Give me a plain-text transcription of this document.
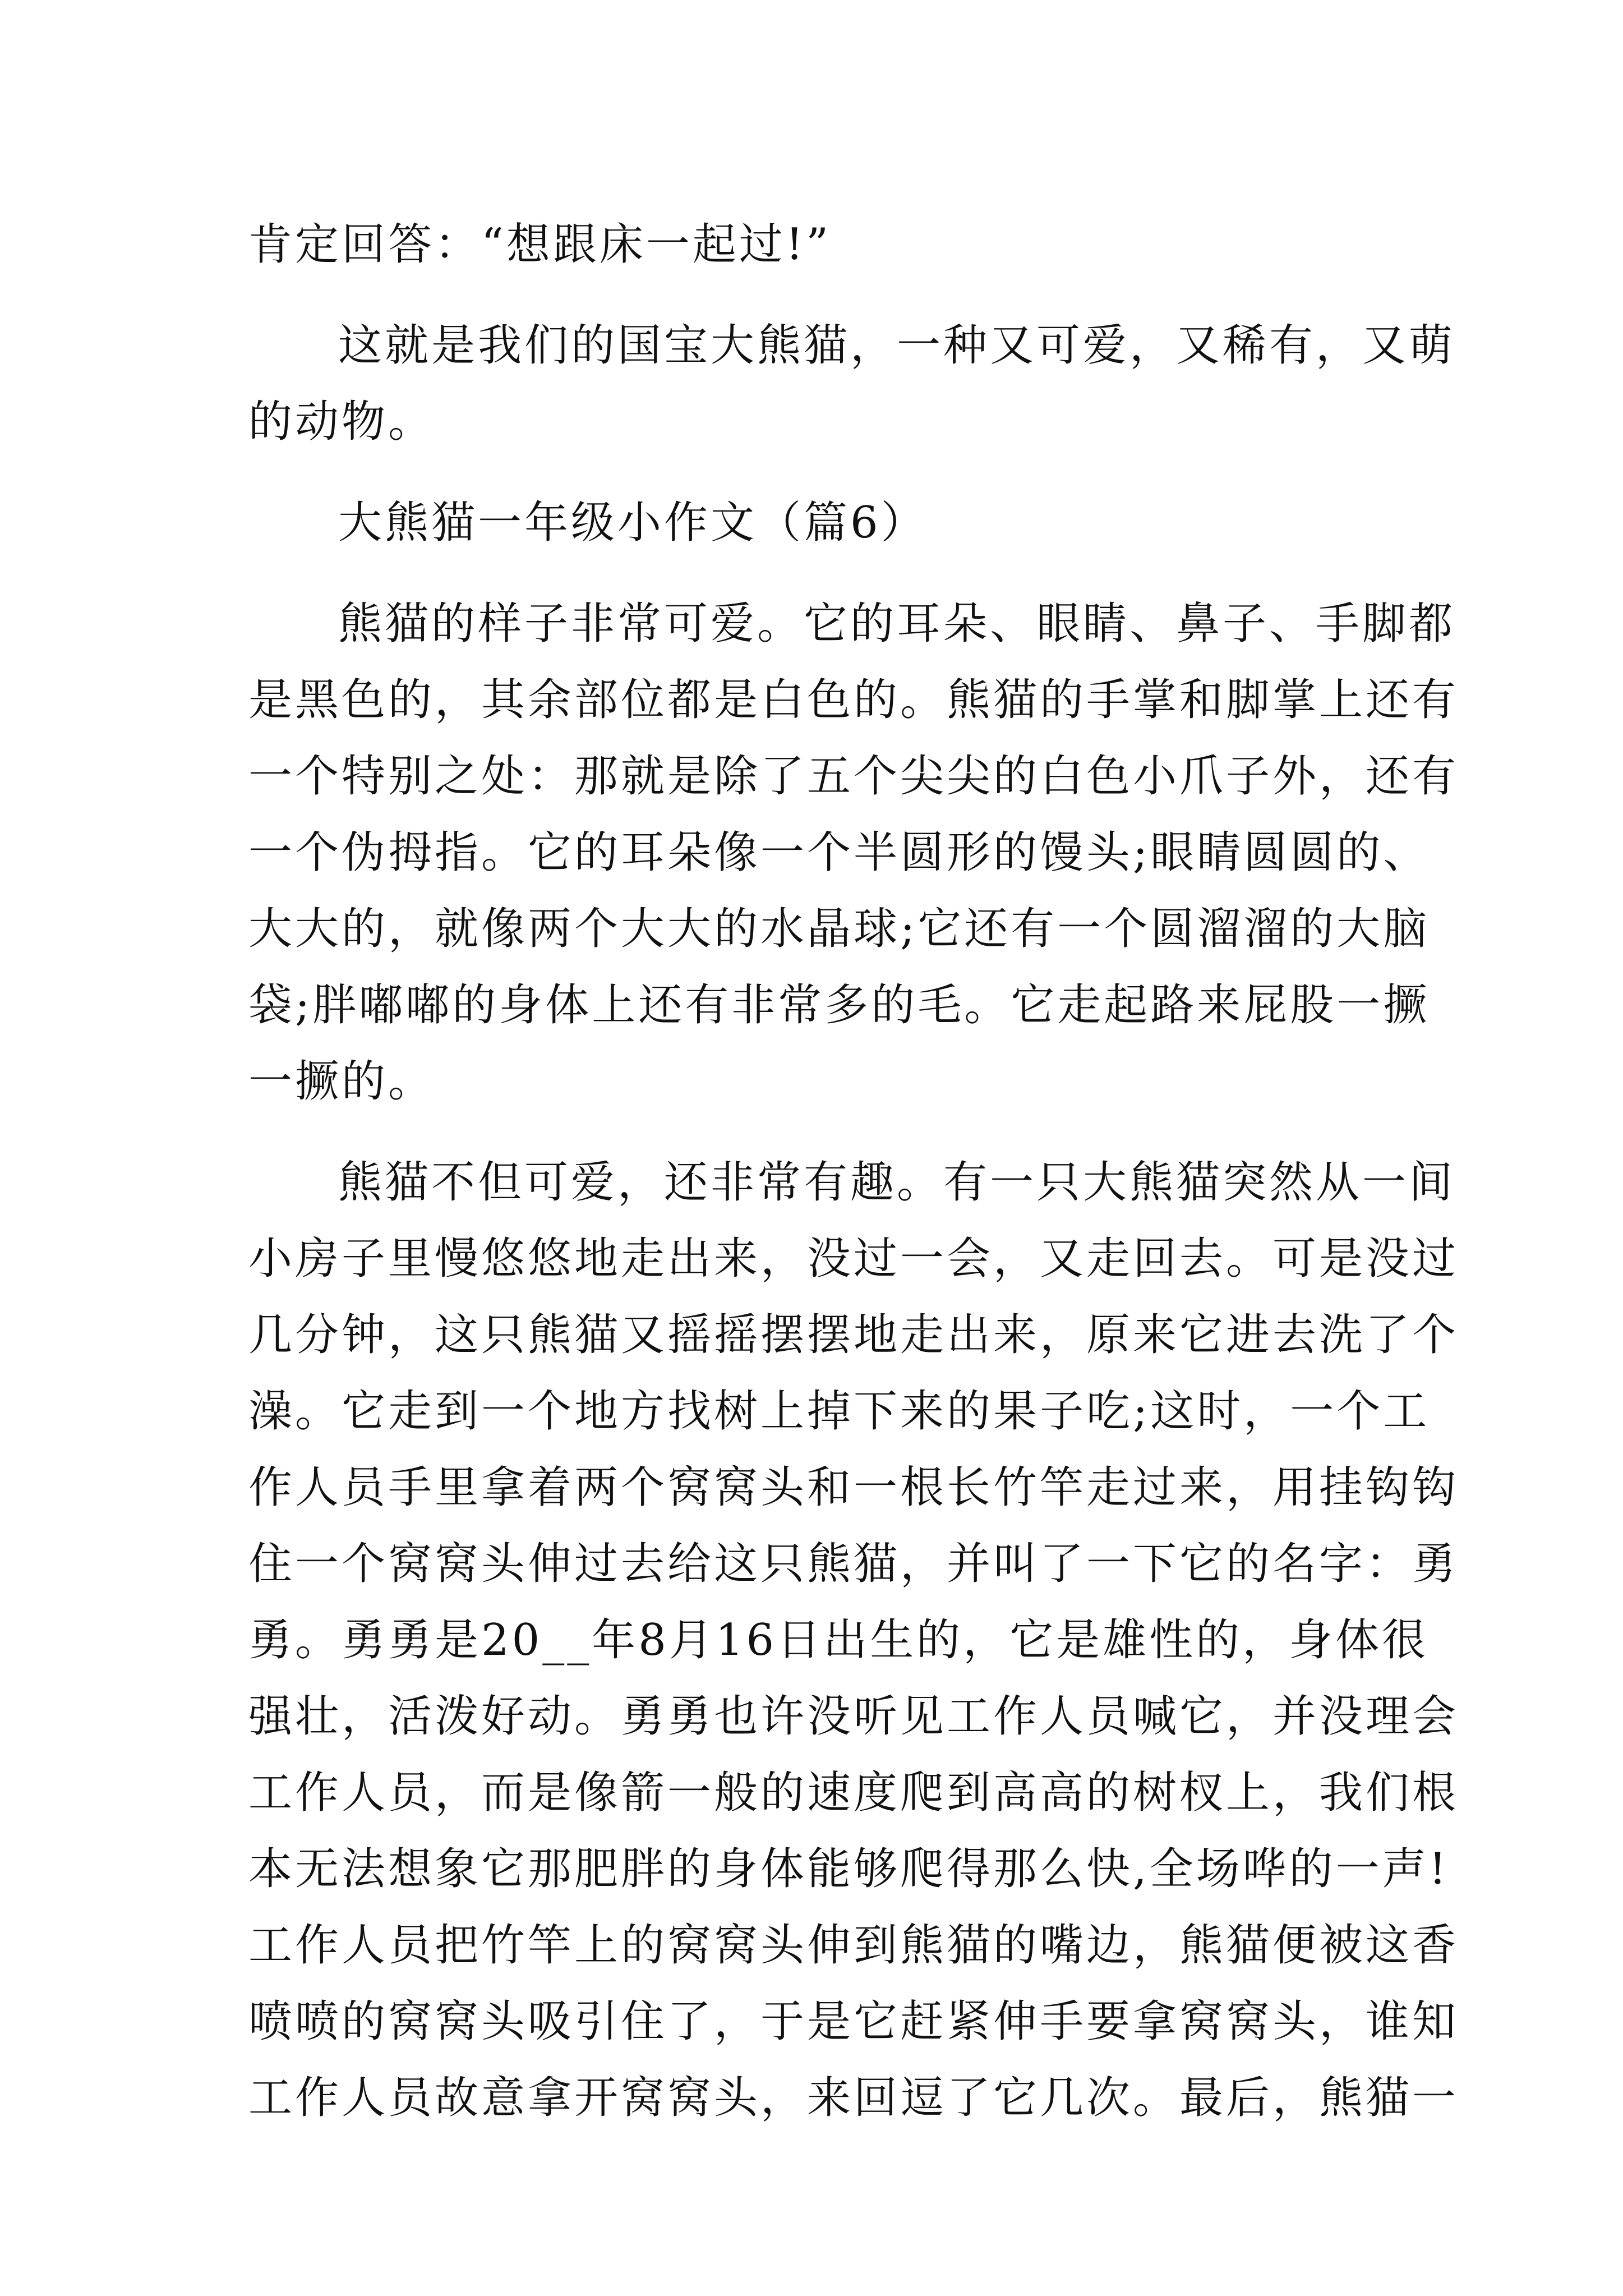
肯定回答：“想跟床一起过!”
这就是我们的国宝大熊猫，一种又可爱，又稀有，又萌
的动物。
大熊猫一年级小作文（篇6）
熊猫的样子非常可爱。它的耳朵、眼睛、鼻子、手脚都
是黑色的，其余部位都是白色的。熊猫的手掌和脚掌上还有
一个特别之处：那就是除了五个尖尖的白色小爪子外，还有
一个伪拇指。它的耳朵像一个半圆形的馒头;眼睛圆圆的、
大大的，就像两个大大的水晶球;它还有一个圆溜溜的大脑
袋;胖嘟嘟的身体上还有非常多的毛。它走起路来屁股一撅
一撅的。
熊猫不但可爱，还非常有趣。有一只大熊猫突然从一间
小房子里慢悠悠地走出来，没过一会，又走回去。可是没过
几分钟，这只熊猫又摇摇摆摆地走出来，原来它进去洗了个
澡。它走到一个地方找树上掉下来的果子吃;这时，一个工
作人员手里拿着两个窝窝头和一根长竹竿走过来，用挂钩钩
住一个窝窝头伸过去给这只熊猫，并叫了一下它的名字：勇
勇。勇勇是20__年8月16日出生的，它是雄性的，身体很
强壮，活泼好动。勇勇也许没听见工作人员喊它，并没理会
工作人员，而是像箭一般的速度爬到高高的树杈上，我们根
本无法想象它那肥胖的身体能够爬得那么快,全场哗的一声!
工作人员把竹竿上的窝窝头伸到熊猫的嘴边，熊猫便被这香
喷喷的窝窝头吸引住了，于是它赶紧伸手要拿窝窝头，谁知
工作人员故意拿开窝窝头，来回逗了它几次。最后，熊猫一
